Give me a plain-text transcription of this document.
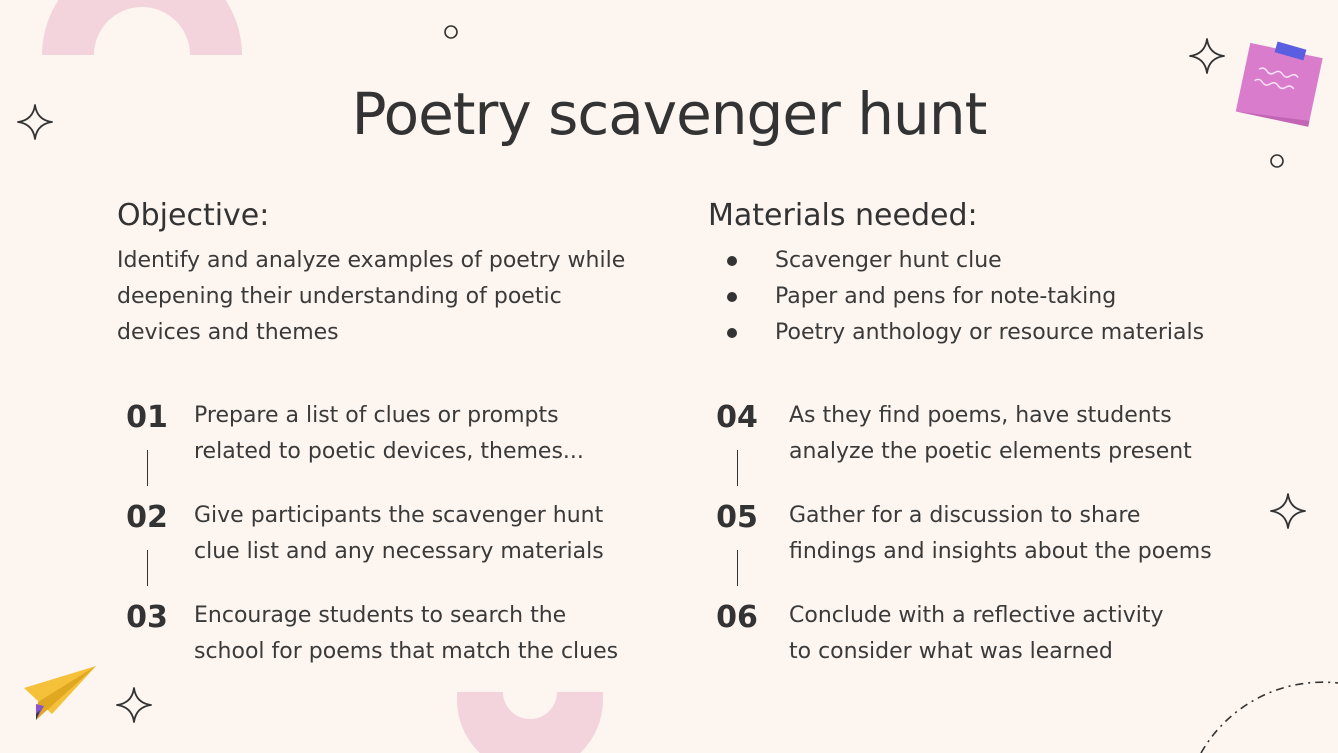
Poetry scavenger hunt
Objective:

Identify and analyze examples of poetry while deepening their understanding of poetic devices and themes

Materials needed:
Scavenger hunt clue
Paper and pens for note-taking
Poetry anthology or resource materials
01 Prepare a list of clues or prompts related to poetic devices, themes...
02 Give participants the scavenger hunt clue list and any necessary materials
03 Encourage students to search the school for poems that match the clues
04 As they find poems, have students analyze the poetic elements present
05 Gather for a discussion to share findings and insights about the poems
06 Conclude with a reflective activity to consider what was learned
